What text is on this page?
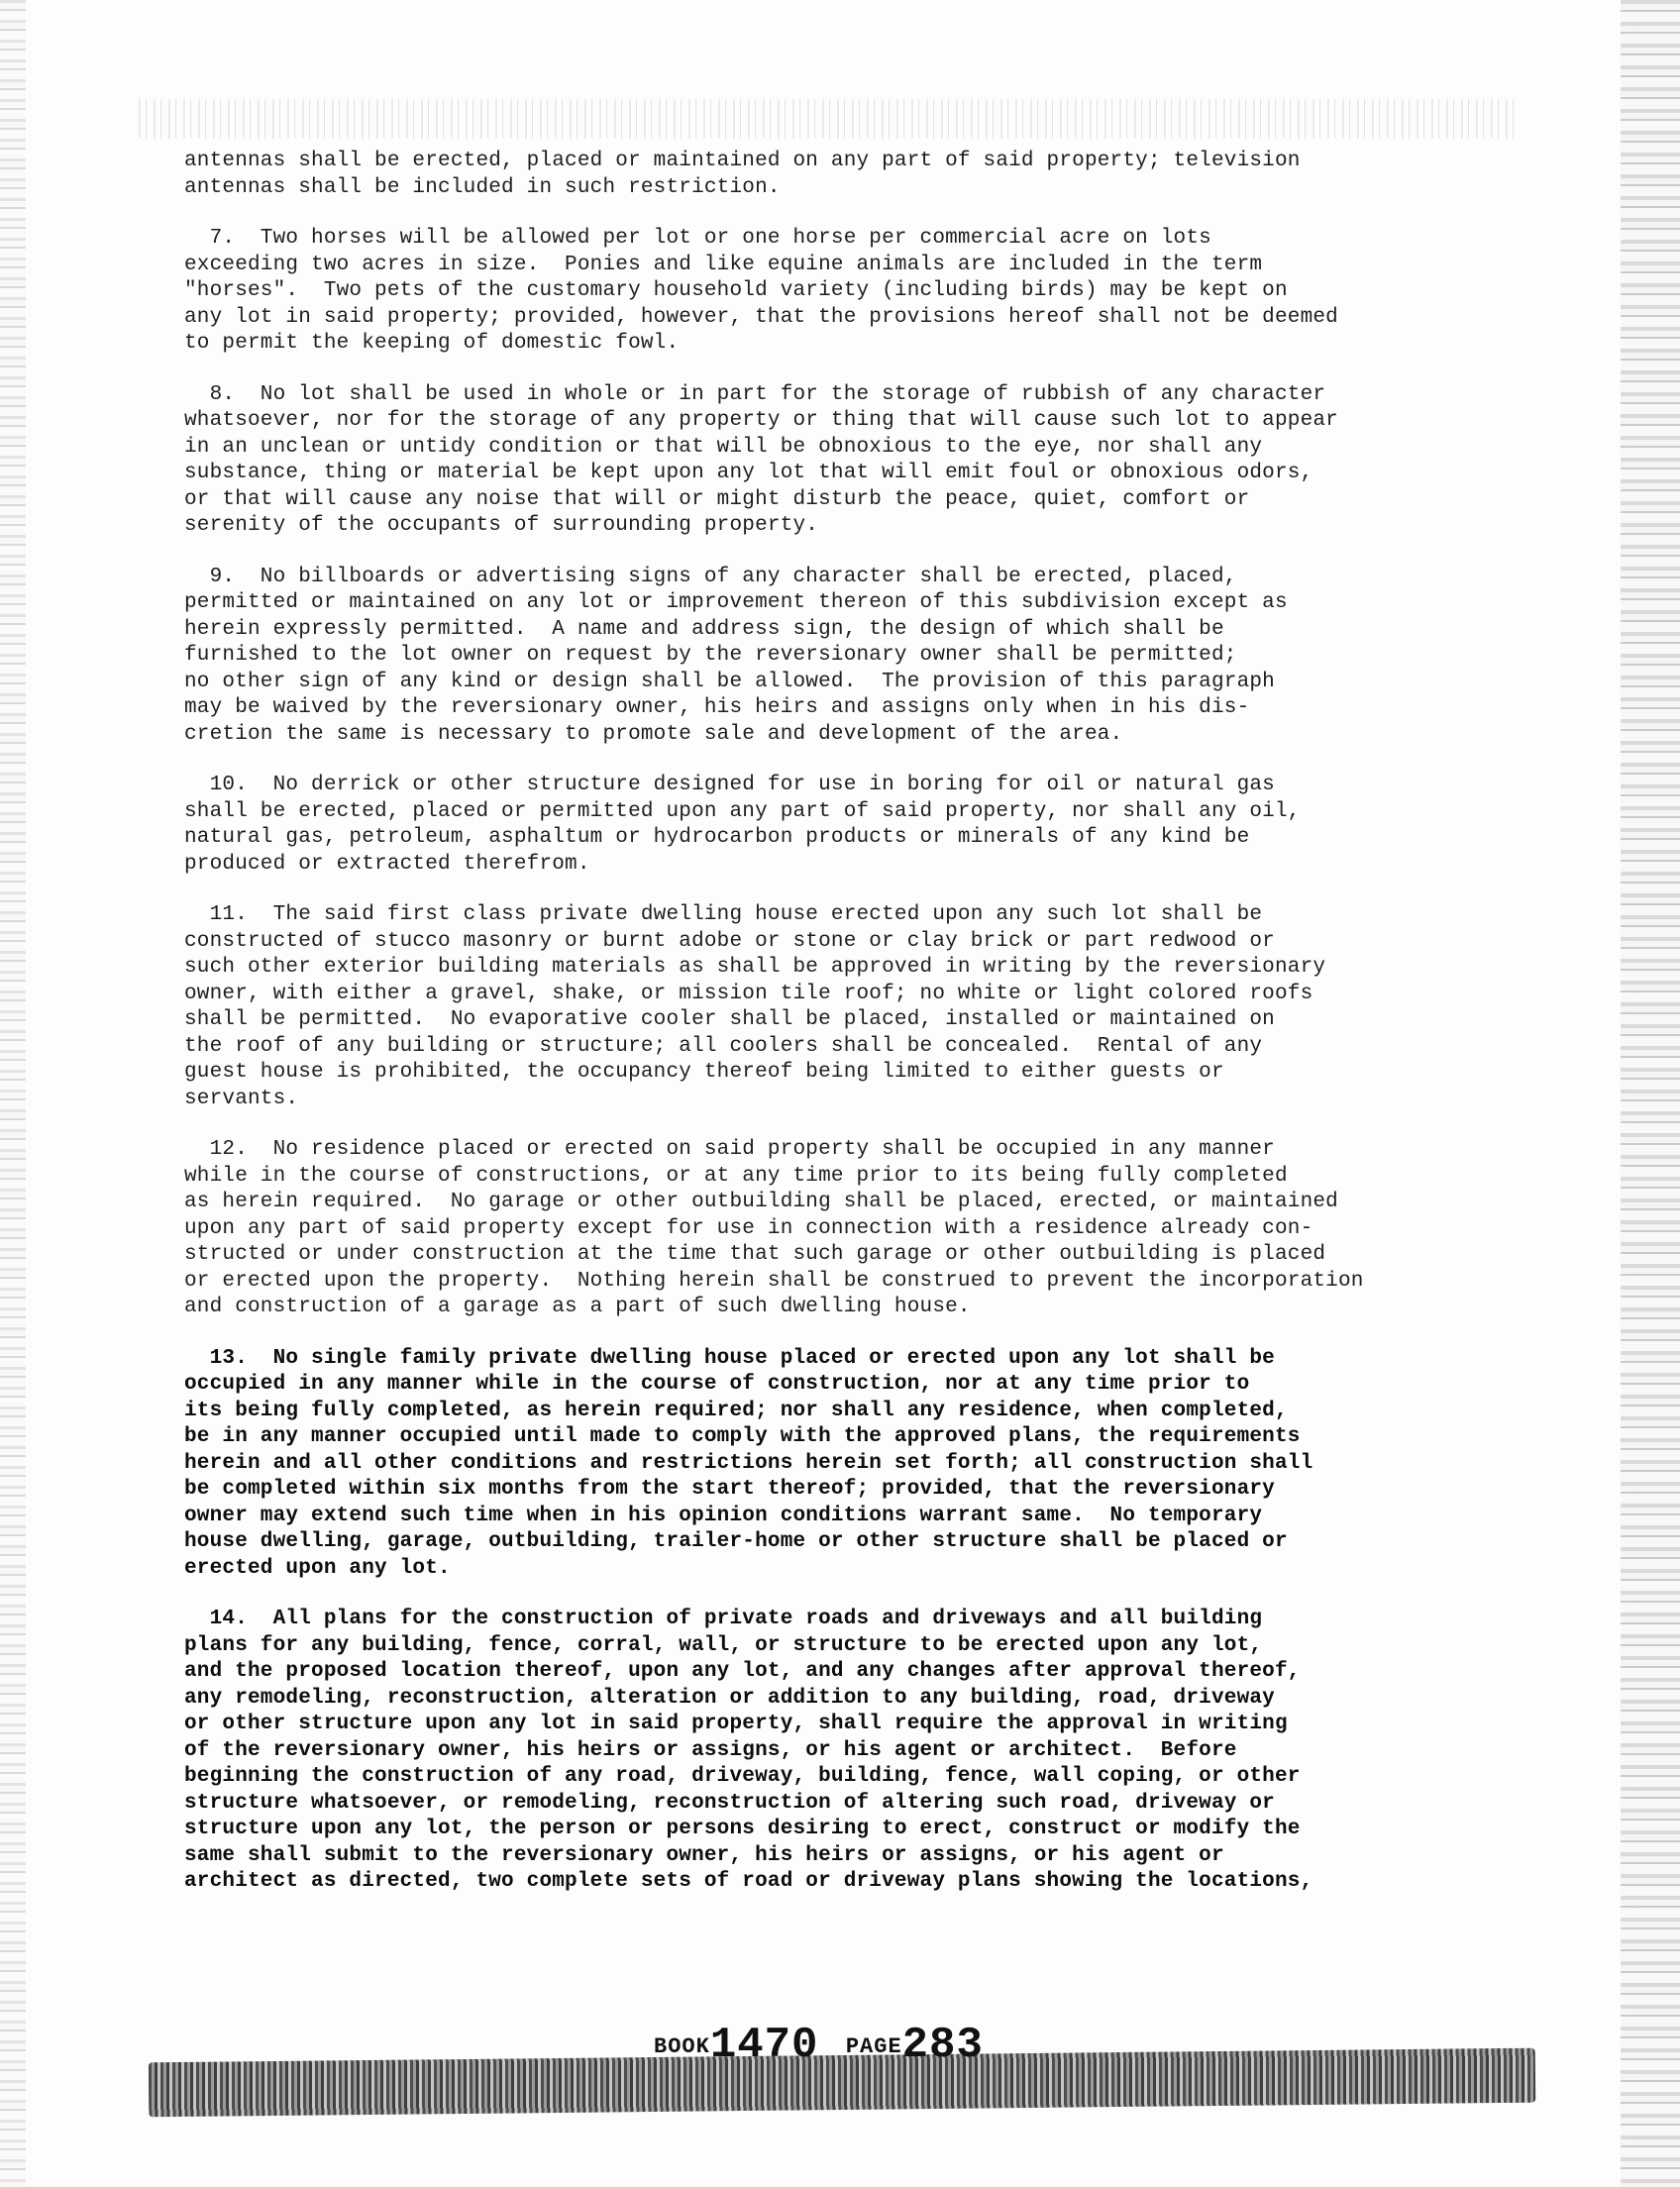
antennas shall be erected, placed or maintained on any part of said property; television
antennas shall be included in such restriction.
7.  Two horses will be allowed per lot or one horse per commercial acre on lots
exceeding two acres in size.  Ponies and like equine animals are included in the term
"horses".  Two pets of the customary household variety (including birds) may be kept on
any lot in said property; provided, however, that the provisions hereof shall not be deemed
to permit the keeping of domestic fowl.
8.  No lot shall be used in whole or in part for the storage of rubbish of any character
whatsoever, nor for the storage of any property or thing that will cause such lot to appear
in an unclean or untidy condition or that will be obnoxious to the eye, nor shall any
substance, thing or material be kept upon any lot that will emit foul or obnoxious odors,
or that will cause any noise that will or might disturb the peace, quiet, comfort or
serenity of the occupants of surrounding property.
9.  No billboards or advertising signs of any character shall be erected, placed,
permitted or maintained on any lot or improvement thereon of this subdivision except as
herein expressly permitted.  A name and address sign, the design of which shall be
furnished to the lot owner on request by the reversionary owner shall be permitted;
no other sign of any kind or design shall be allowed.  The provision of this paragraph
may be waived by the reversionary owner, his heirs and assigns only when in his dis-
cretion the same is necessary to promote sale and development of the area.
10.  No derrick or other structure designed for use in boring for oil or natural gas
shall be erected, placed or permitted upon any part of said property, nor shall any oil,
natural gas, petroleum, asphaltum or hydrocarbon products or minerals of any kind be
produced or extracted therefrom.
11.  The said first class private dwelling house erected upon any such lot shall be
constructed of stucco masonry or burnt adobe or stone or clay brick or part redwood or
such other exterior building materials as shall be approved in writing by the reversionary
owner, with either a gravel, shake, or mission tile roof; no white or light colored roofs
shall be permitted.  No evaporative cooler shall be placed, installed or maintained on
the roof of any building or structure; all coolers shall be concealed.  Rental of any
guest house is prohibited, the occupancy thereof being limited to either guests or
servants.
12.  No residence placed or erected on said property shall be occupied in any manner
while in the course of constructions, or at any time prior to its being fully completed
as herein required.  No garage or other outbuilding shall be placed, erected, or maintained
upon any part of said property except for use in connection with a residence already con-
structed or under construction at the time that such garage or other outbuilding is placed
or erected upon the property.  Nothing herein shall be construed to prevent the incorporation
and construction of a garage as a part of such dwelling house.
13.  No single family private dwelling house placed or erected upon any lot shall be
occupied in any manner while in the course of construction, nor at any time prior to
its being fully completed, as herein required; nor shall any residence, when completed,
be in any manner occupied until made to comply with the approved plans, the requirements
herein and all other conditions and restrictions herein set forth; all construction shall
be completed within six months from the start thereof; provided, that the reversionary
owner may extend such time when in his opinion conditions warrant same.  No temporary
house dwelling, garage, outbuilding, trailer-home or other structure shall be placed or
erected upon any lot.
14.  All plans for the construction of private roads and driveways and all building
plans for any building, fence, corral, wall, or structure to be erected upon any lot,
and the proposed location thereof, upon any lot, and any changes after approval thereof,
any remodeling, reconstruction, alteration or addition to any building, road, driveway
or other structure upon any lot in said property, shall require the approval in writing
of the reversionary owner, his heirs or assigns, or his agent or architect.  Before
beginning the construction of any road, driveway, building, fence, wall coping, or other
structure whatsoever, or remodeling, reconstruction of altering such road, driveway or
structure upon any lot, the person or persons desiring to erect, construct or modify the
same shall submit to the reversionary owner, his heirs or assigns, or his agent or
architect as directed, two complete sets of road or driveway plans showing the locations,
BOOK1470 PAGE283
